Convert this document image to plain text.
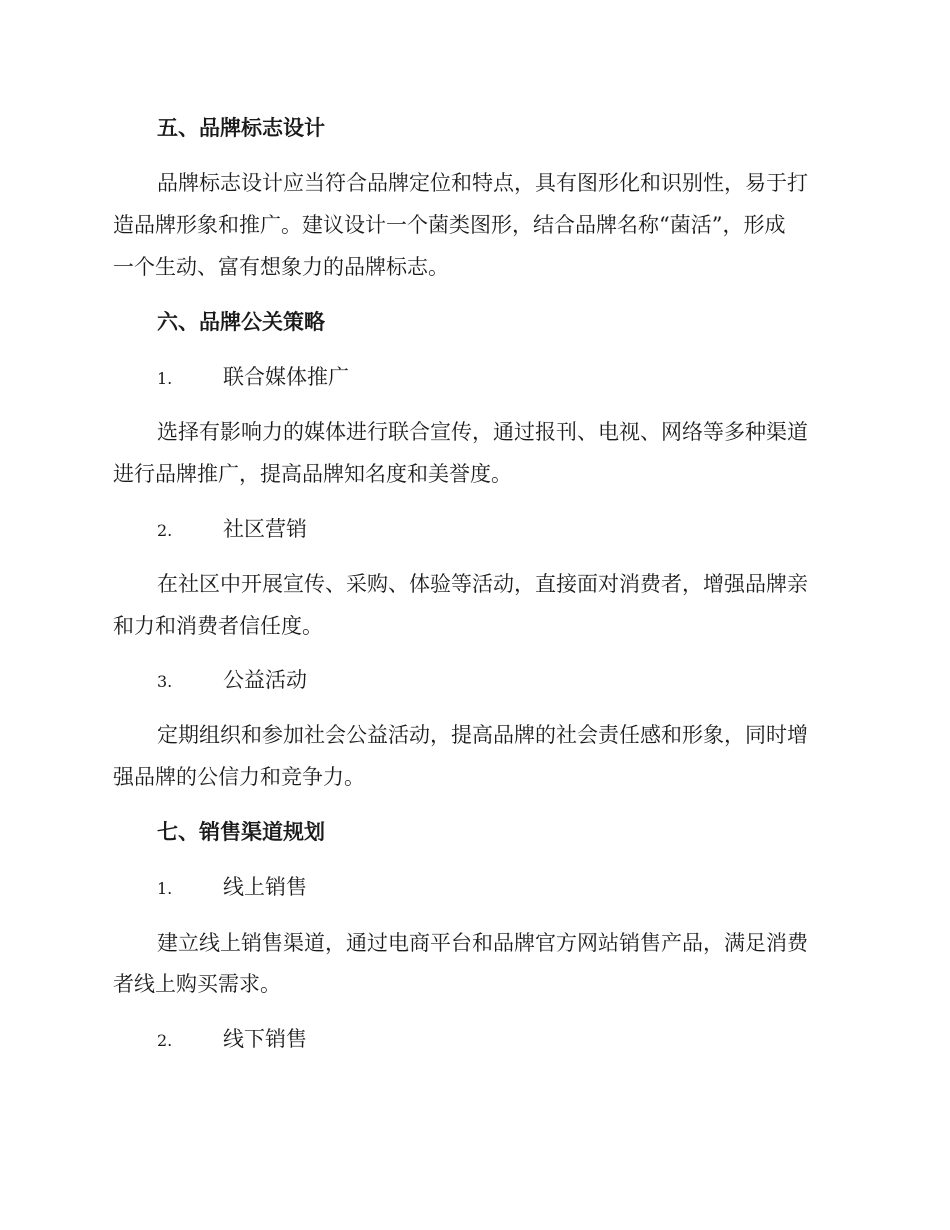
五、品牌标志设计
品牌标志设计应当符合品牌定位和特点，具有图形化和识别性，易于打
造品牌形象和推广。建议设计一个菌类图形，结合品牌名称“菌活”，形成
一个生动、富有想象力的品牌标志。
六、品牌公关策略
1. 联合媒体推广
选择有影响力的媒体进行联合宣传，通过报刊、电视、网络等多种渠道
进行品牌推广，提高品牌知名度和美誉度。
2. 社区营销
在社区中开展宣传、采购、体验等活动，直接面对消费者，增强品牌亲
和力和消费者信任度。
3. 公益活动
定期组织和参加社会公益活动，提高品牌的社会责任感和形象，同时增
强品牌的公信力和竞争力。
七、销售渠道规划
1. 线上销售
建立线上销售渠道，通过电商平台和品牌官方网站销售产品，满足消费
者线上购买需求。
2. 线下销售
